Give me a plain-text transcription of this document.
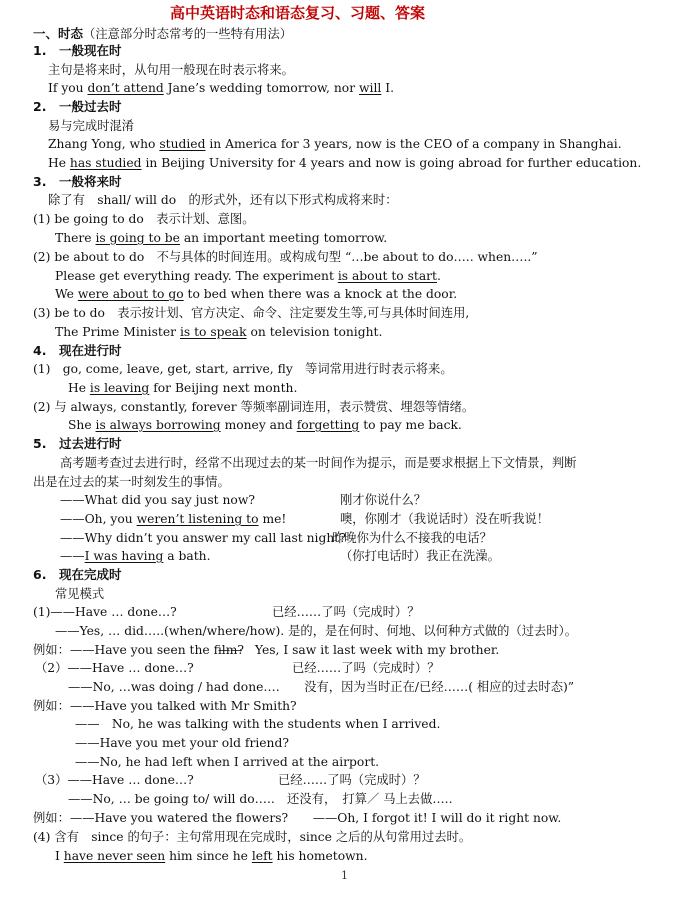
高中英语时态和语态复习、习题、答案
一、时态（注意部分时态常考的一些特有用法）
1.　一般现在时
主句是将来时，从句用一般现在时表示将来。
If you don’t attend Jane’s wedding tomorrow, nor will I.
2.　一般过去时
易与完成时混淆
Zhang Yong, who studied in America for 3 years, now is the CEO of a company in Shanghai.
He has studied in Beijing University for 4 years and now is going abroad for further education.
3.　一般将来时
除了有　shall/ will do　的形式外，还有以下形式构成将来时：
(1) be going to do　表示计划、意图。
There is going to be an important meeting tomorrow.
(2) be about to do　不与具体的时间连用。或构成句型 “…be about to do….. when…..”
Please get everything ready. The experiment is about to start.
We were about to go to bed when there was a knock at the door.
(3) be to do　表示按计划、官方决定、命令、注定要发生等,可与具体时间连用,
The Prime Minister is to speak on television tonight.
4.　现在进行时
(1)　go, come, leave, get, start, arrive, fly　等词常用进行时表示将来。
He is leaving for Beijing next month.
(2) 与 always, constantly, forever 等频率副词连用，表示赞赏、埋怨等情绪。
She is always borrowing money and forgetting to pay me back.
5.　过去进行时
高考题考查过去进行时，经常不出现过去的某一时间作为提示，而是要求根据上下文情景，判断
出是在过去的某一时刻发生的事情。
——What did you say just now?	刚才你说什么？
——Oh, you weren’t listening to me!	噢，你刚才（我说话时）没在听我说！
——Why didn’t you answer my call last night?
昨晚你为什么不接我的电话？
——I was having a bath.	（你打电话时）我正在洗澡。
6.　现在完成时
常见模式
(1)——Have … done…?	已经……了吗（完成时）？
——Yes, … did…..(when/where/how). 是的，是在何时、何地、以何种方式做的（过去时）。
例如：——Have you seen the film?
——　Yes, I saw it last week with my brother.
（2）——Have … done…?	已经……了吗（完成时）？
——No, …was doing / had done….　　没有，因为当时正在/已经……( 相应的过去时态)”
例如：——Have you talked with Mr Smith?
——　No, he was talking with the students when I arrived.
——Have you met your old friend?
——No, he had left when I arrived at the airport.
（3）——Have … done…?	已经……了吗（完成时）？
——No, … be going to/ will do…..　还没有，　打算／ 马上去做…..
例如：——Have you watered the flowers?　　——Oh, I forgot it! I will do it right now.
(4) 含有　since 的句子：主句常用现在完成时，since 之后的从句常用过去时。
I have never seen him since he left his hometown.
1
